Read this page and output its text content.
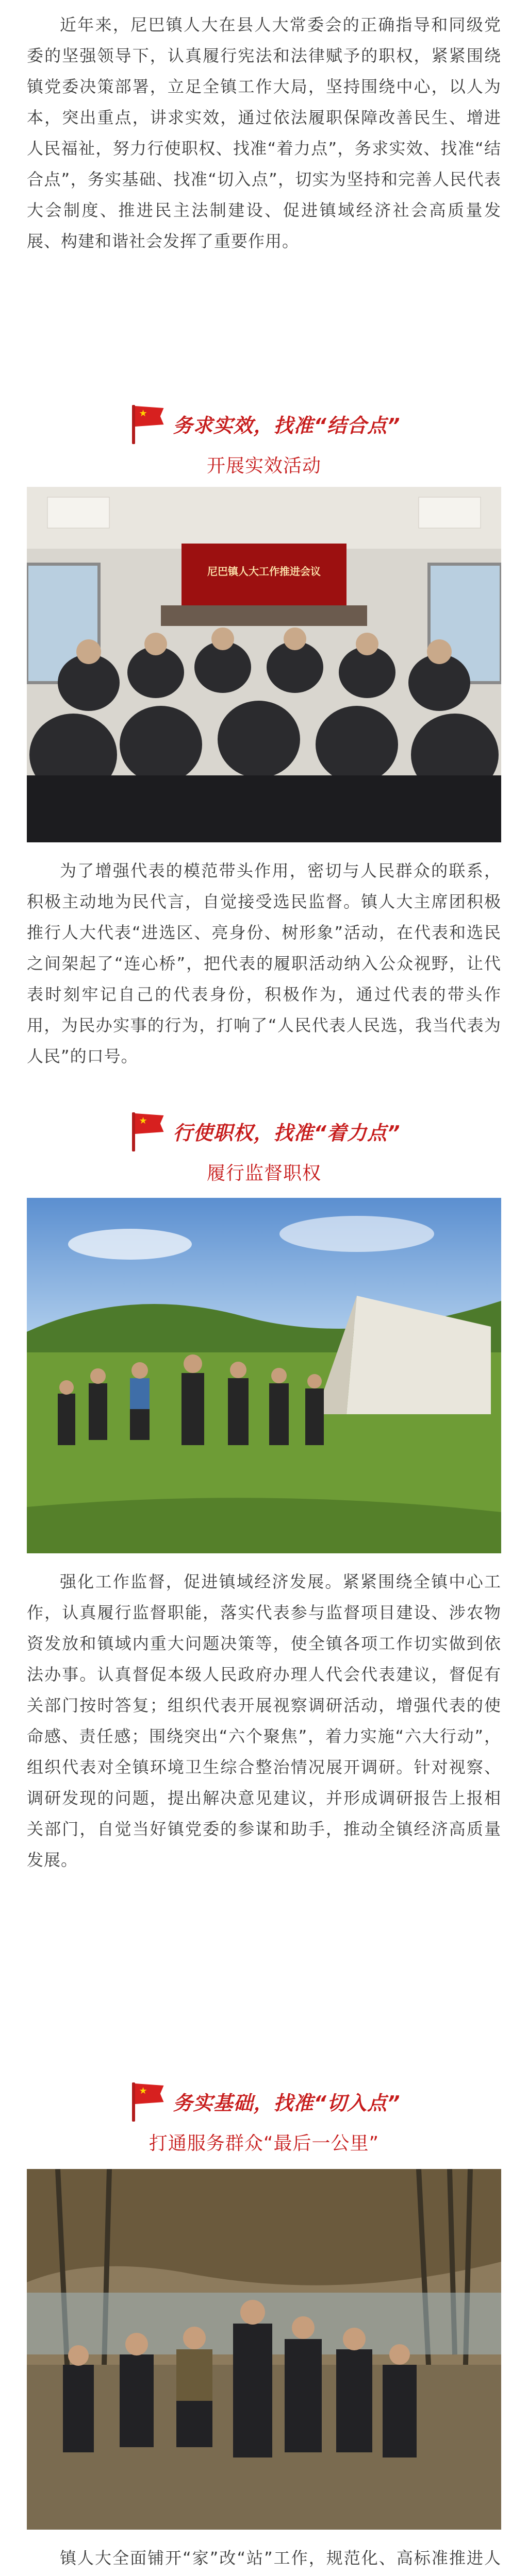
近年来，尼巴镇人大在县人大常委会的正确指导和同级党委的坚强领导下，认真履行宪法和法律赋予的职权，紧紧围绕镇党委决策部署，立足全镇工作大局，坚持围绕中心，以人为本，突出重点，讲求实效，通过依法履职保障改善民生、增进人民福祉，努力行使职权、找准“着力点”，务求实效、找准“结合点”，务实基础、找准“切入点”，切实为坚持和完善人民代表大会制度、推进民主法制建设、促进镇域经济社会高质量发展、构建和谐社会发挥了重要作用。

★
务求实效，找准“结合点”
开展实效活动
尼巴镇人大工作推进会议

为了增强代表的模范带头作用，密切与人民群众的联系，积极主动地为民代言，自觉接受选民监督。镇人大主席团积极推行人大代表“进选区、亮身份、树形象”活动，在代表和选民之间架起了“连心桥”，把代表的履职活动纳入公众视野，让代表时刻牢记自己的代表身份，积极作为，通过代表的带头作用，为民办实事的行为，打响了“人民代表人民选，我当代表为人民”的口号。

★
行使职权，找准“着力点”
履行监督职权

强化工作监督，促进镇域经济发展。紧紧围绕全镇中心工作，认真履行监督职能，落实代表参与监督项目建设、涉农物资发放和镇域内重大问题决策等，使全镇各项工作切实做到依法办事。认真督促本级人民政府办理人代会代表建议，督促有关部门按时答复；组织代表开展视察调研活动，增强代表的使命感、责任感；围绕突出“六个聚焦”，着力实施“六大行动”，组织代表对全镇环境卫生综合整治情况展开调研。针对视察、调研发现的问题，提出解决意见建议，并形成调研报告上报相关部门，自觉当好镇党委的参谋和助手，推动全镇经济高质量发展。

★
务实基础，找准“切入点”
打通服务群众“最后一公里”

镇人大全面铺开“家”改“站”工作，规范化、高标准推进人
